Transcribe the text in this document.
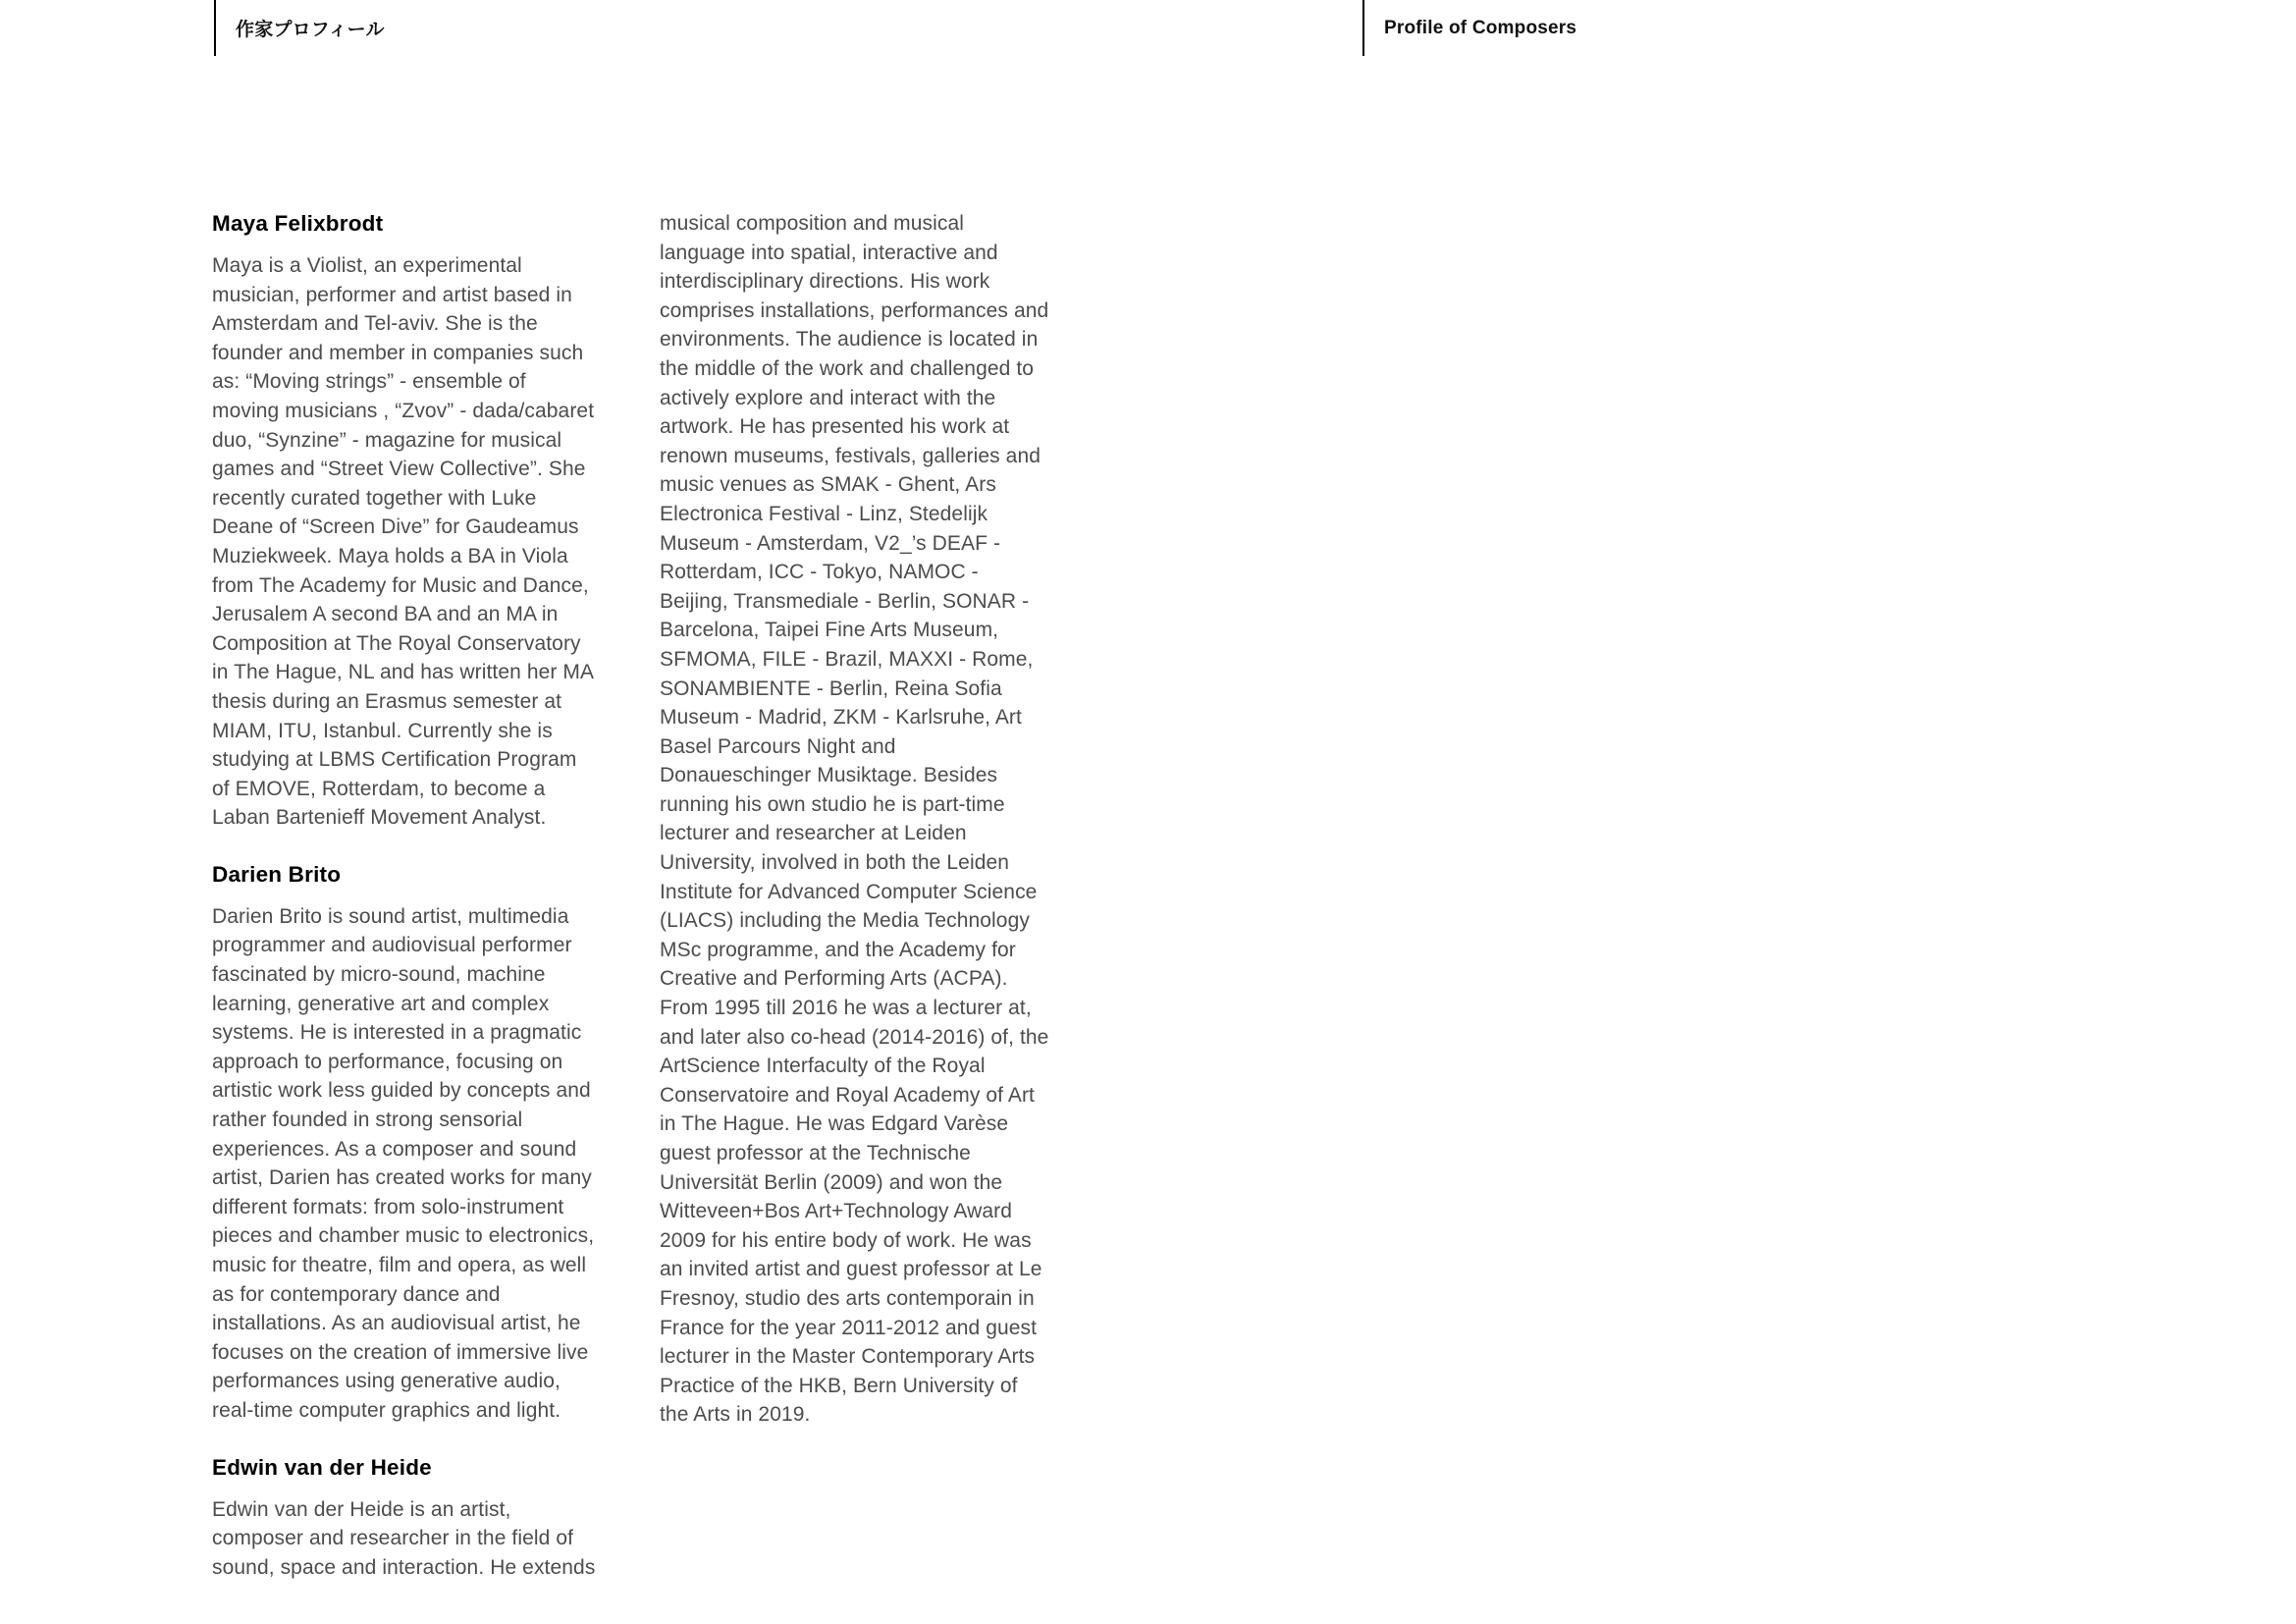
作家プロフィール	Profile of Composers
Maya Felixbrodt

Maya is a Violist, an experimental musician, performer and artist based in Amsterdam and Tel-aviv. She is the founder and member in companies such as: “Moving strings” - ensemble of moving musicians , “Zvov” - dada/cabaret duo, “Synzine” - magazine for musical games and “Street View Collective”. She recently curated together with Luke Deane of “Screen Dive” for Gaudeamus Muziekweek. Maya holds a BA in Viola from The Academy for Music and Dance, Jerusalem A second BA and an MA in Composition at The Royal Conservatory in The Hague, NL and has written her MA thesis during an Erasmus semester at MIAM, ITU, Istanbul. Currently she is studying at LBMS Certification Program of EMOVE, Rotterdam, to become a Laban Bartenieff Movement Analyst.

Darien Brito

Darien Brito is sound artist, multimedia programmer and audiovisual performer fascinated by micro-sound, machine learning, generative art and complex systems. He is interested in a pragmatic approach to performance, focusing on artistic work less guided by concepts and rather founded in strong sensorial experiences. As a composer and sound artist, Darien has created works for many different formats: from solo-instrument pieces and chamber music to electronics, music for theatre, film and opera, as well as for contemporary dance and installations. As an audiovisual artist, he focuses on the creation of immersive live performances using generative audio, real-time computer graphics and light.

Edwin van der Heide

Edwin van der Heide is an artist, composer and researcher in the field of sound, space and interaction. He extends

musical composition and musical language into spatial, interactive and interdisciplinary directions. His work comprises installations, performances and environments. The audience is located in the middle of the work and challenged to actively explore and interact with the artwork. He has presented his work at renown museums, festivals, galleries and music venues as SMAK - Ghent, Ars Electronica Festival - Linz, Stedelijk Museum - Amsterdam, V2_’s DEAF - Rotterdam, ICC - Tokyo, NAMOC - Beijing, Transmediale - Berlin, SONAR - Barcelona, Taipei Fine Arts Museum, SFMOMA, FILE - Brazil, MAXXI - Rome, SONAMBIENTE - Berlin, Reina Sofia Museum - Madrid, ZKM - Karlsruhe, Art Basel Parcours Night and Donaueschinger Musiktage. Besides running his own studio he is part-time lecturer and researcher at Leiden University, involved in both the Leiden Institute for Advanced Computer Science (LIACS) including the Media Technology MSc programme, and the Academy for Creative and Performing Arts (ACPA). From 1995 till 2016 he was a lecturer at, and later also co-head (2014-2016) of, the ArtScience Interfaculty of the Royal Conservatoire and Royal Academy of Art in The Hague. He was Edgard Varèse guest professor at the Technische Universität Berlin (2009) and won the Witteveen+Bos Art+Technology Award 2009 for his entire body of work. He was an invited artist and guest professor at Le Fresnoy, studio des arts contemporain in France for the year 2011-2012 and guest lecturer in the Master Contemporary Arts Practice of the HKB, Bern University of the Arts in 2019.
